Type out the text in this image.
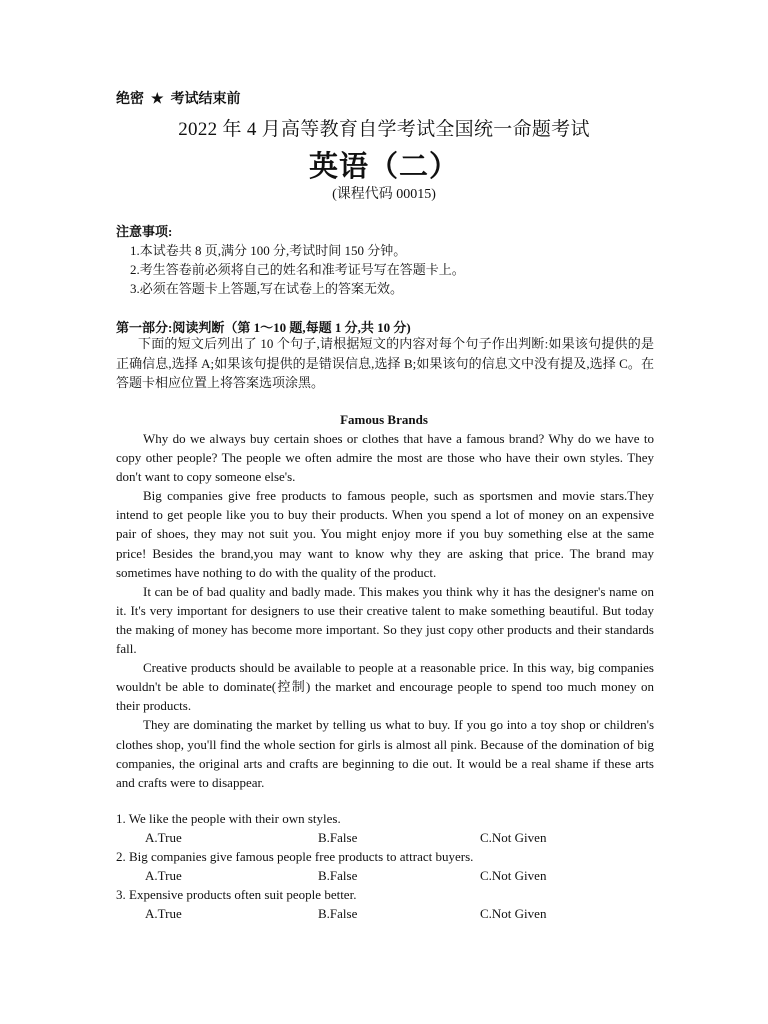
绝密 ★ 考试结束前
2022 年 4 月高等教育自学考试全国统一命题考试
英语（二）
(课程代码 00015)
注意事项:
1.本试卷共 8 页,满分 100 分,考试时间 150 分钟。
2.考生答卷前必须将自己的姓名和准考证号写在答题卡上。
3.必须在答题卡上答题,写在试卷上的答案无效。
第一部分:阅读判断（第 1～10 题,每题 1 分,共 10 分)

下面的短文后列出了 10 个句子,请根据短文的内容对每个句子作出判断:如果该句提供的是正确信息,选择 A;如果该句提供的是错误信息,选择 B;如果该句的信息文中没有提及,选择 C。在答题卡相应位置上将答案选项涂黑。

Famous Brands

Why do we always buy certain shoes or clothes that have a famous brand? Why do we have to copy other people? The people we often admire the most are those who have their own styles. They don't want to copy someone else's.

Big companies give free products to famous people, such as sportsmen and movie stars.They intend to get people like you to buy their products. When you spend a lot of money on an expensive pair of shoes, they may not suit you. You might enjoy more if you buy something else at the same price! Besides the brand,you may want to know why they are asking that price. The brand may sometimes have nothing to do with the quality of the product.

It can be of bad quality and badly made. This makes you think why it has the designer's name on it. It's very important for designers to use their creative talent to make something beautiful. But today the making of money has become more important. So they just copy other products and their standards fall.

Creative products should be available to people at a reasonable price. In this way, big companies wouldn't be able to dominate(控制) the market and encourage people to spend too much money on their products.

They are dominating the market by telling us what to buy. If you go into a toy shop or children's clothes shop, you'll find the whole section for girls is almost all pink. Because of the domination of big companies, the original arts and crafts are beginning to die out. It would be a real shame if these arts and crafts were to disappear.

1. We like the people with their own styles.
A.True	B.False	C.Not Given
2. Big companies give famous people free products to attract buyers.
A.True	B.False	C.Not Given
3. Expensive products often suit people better.
A.True	B.False	C.Not Given
